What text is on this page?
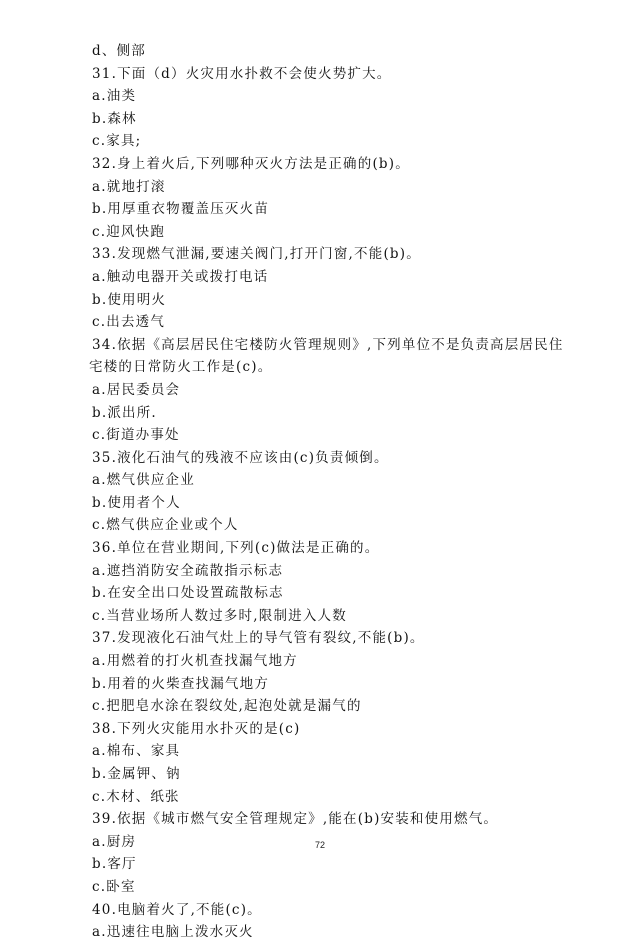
d、侧部
31.下面（d）火灾用水扑救不会使火势扩大。
a.油类
b.森林
c.家具;
32.身上着火后,下列哪种灭火方法是正确的(b)。
a.就地打滚
b.用厚重衣物覆盖压灭火苗
c.迎风快跑
33.发现燃气泄漏,要速关阀门,打开门窗,不能(b)。
a.触动电器开关或拨打电话
b.使用明火
c.出去透气
34.依据《高层居民住宅楼防火管理规则》,下列单位不是负责高层居民住
宅楼的日常防火工作是(c)。
a.居民委员会
b.派出所.
c.街道办事处
35.液化石油气的残液不应该由(c)负责倾倒。
a.燃气供应企业
b.使用者个人
c.燃气供应企业或个人
36.单位在营业期间,下列(c)做法是正确的。
a.遮挡消防安全疏散指示标志
b.在安全出口处设置疏散标志
c.当营业场所人数过多时,限制进入人数
37.发现液化石油气灶上的导气管有裂纹,不能(b)。
a.用燃着的打火机查找漏气地方
b.用着的火柴查找漏气地方
c.把肥皂水涂在裂纹处,起泡处就是漏气的
38.下列火灾能用水扑灭的是(c)
a.棉布、家具
b.金属钾、钠
c.木材、纸张
39.依据《城市燃气安全管理规定》,能在(b)安装和使用燃气。
a.厨房
b.客厅
c.卧室
40.电脑着火了,不能(c)。
a.迅速往电脑上泼水灭火
72
